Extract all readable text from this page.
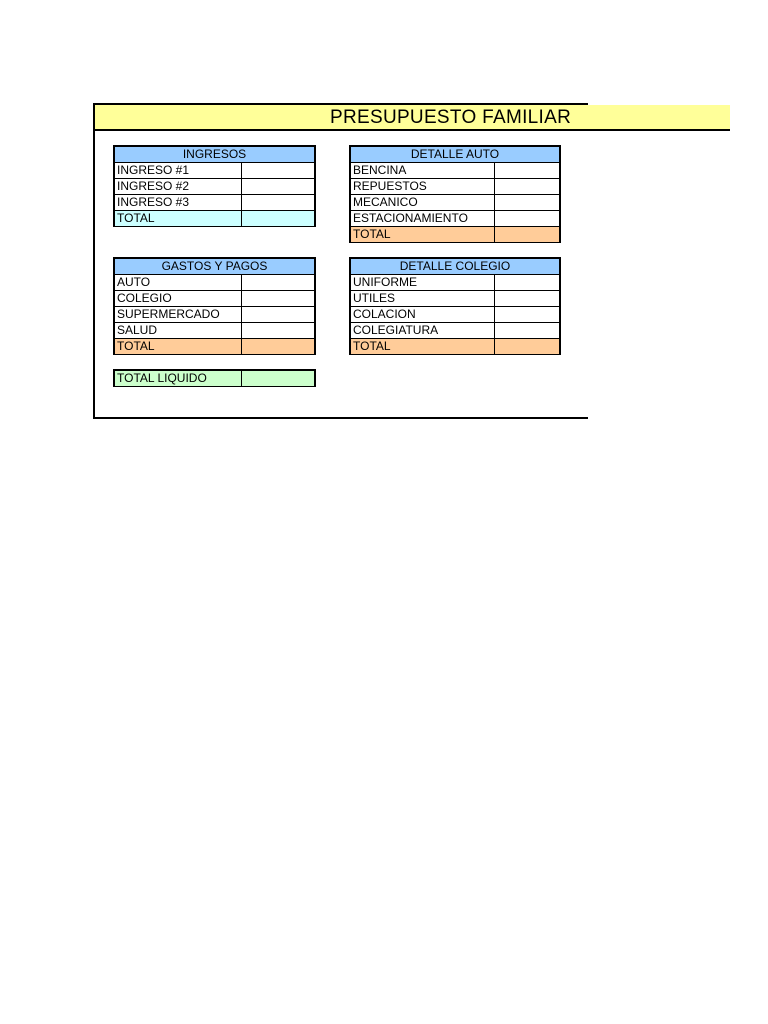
PRESUPUESTO FAMILIAR
INGRESOS	
INGRESO #1	
INGRESO #2	
INGRESO #3	
TOTAL	
DETALLE AUTO	
BENCINA	
REPUESTOS	
MECANICO	
ESTACIONAMIENTO	
TOTAL	
GASTOS Y PAGOS	
AUTO	
COLEGIO	
SUPERMERCADO	
SALUD	
TOTAL	
DETALLE COLEGIO	
UNIFORME	
UTILES	
COLACION	
COLEGIATURA	
TOTAL	
TOTAL LIQUIDO	
